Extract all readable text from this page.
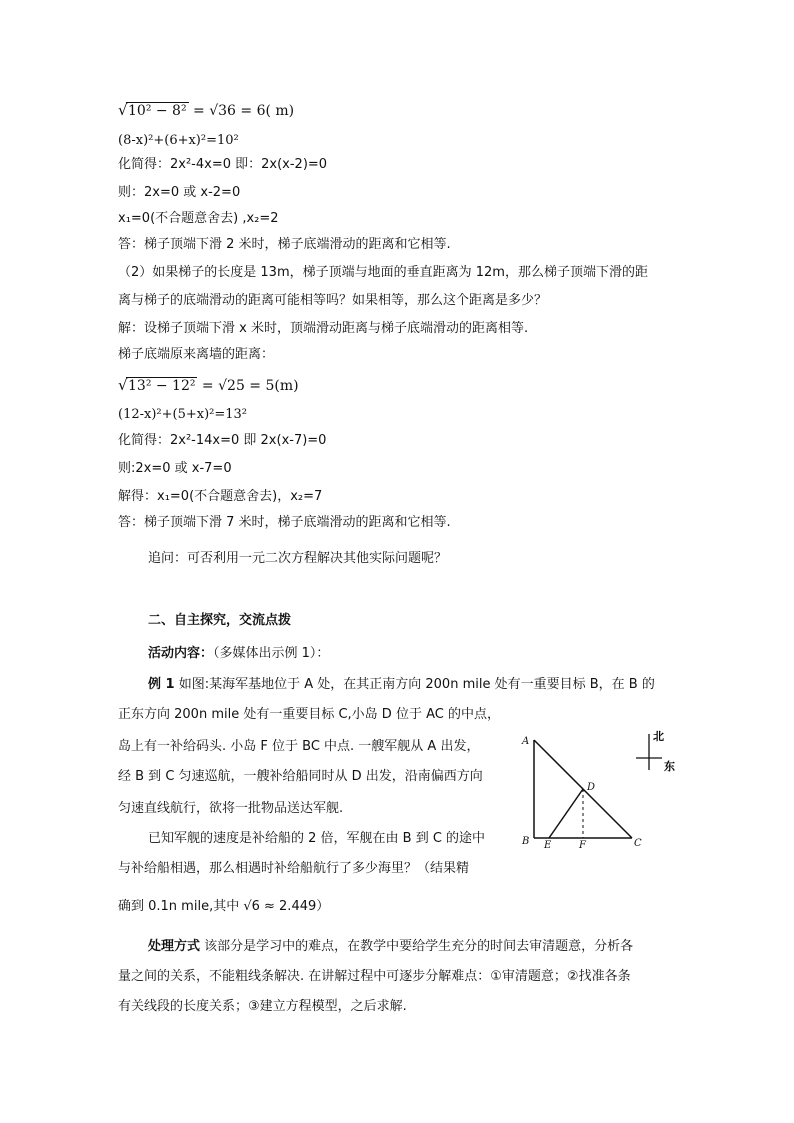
√ 10² − 8² = √36 = 6( m)
(8-x)²+(6+x)²=10²
化简得：2x²-4x=0 即：2x(x-2)=0
则：2x=0 或 x-2=0
x₁=0(不合题意舍去) ,x₂=2
答：梯子顶端下滑 2 米时，梯子底端滑动的距离和它相等.
（2）如果梯子的长度是 13m，梯子顶端与地面的垂直距离为 12m，那么梯子顶端下滑的距
离与梯子的底端滑动的距离可能相等吗？如果相等，那么这个距离是多少？
解：设梯子顶端下滑 x 米时，顶端滑动距离与梯子底端滑动的距离相等.
梯子底端原来离墙的距离：
√ 13² − 12² = √25 = 5(m)
(12-x)²+(5+x)²=13²
化简得：2x²-14x=0 即 2x(x-7)=0
则:2x=0 或 x-7=0
解得：x₁=0(不合题意舍去)，x₂=7
答：梯子顶端下滑 7 米时，梯子底端滑动的距离和它相等.
追问：可否利用一元二次方程解决其他实际问题呢？
二、自主探究，交流点拨
活动内容：（多媒体出示例 1）：
例 1 如图:某海军基地位于 A 处，在其正南方向 200n mile 处有一重要目标 B，在 B 的
正东方向 200n mile 处有一重要目标 C,小岛 D 位于 AC 的中点，
岛上有一补给码头. 小岛 F 位于 BC 中点. 一艘军舰从 A 出发，
经 B 到 C 匀速巡航，一艘补给船同时从 D 出发，沿南偏西方向
匀速直线航行，欲将一批物品送达军舰.
已知军舰的速度是补给船的 2 倍，军舰在由 B 到 C 的途中
与补给船相遇，那么相遇时补给船航行了多少海里？（结果精
确到 0.1n mile,其中 √6 ≈ 2.449）
处理方式 该部分是学习中的难点，在教学中要给学生充分的时间去审清题意，分析各
量之间的关系，不能粗线条解决. 在讲解过程中可逐步分解难点：①审清题意；②找准各条
有关线段的长度关系；③建立方程模型，之后求解.
A
B	C
D
E	F
北
东
